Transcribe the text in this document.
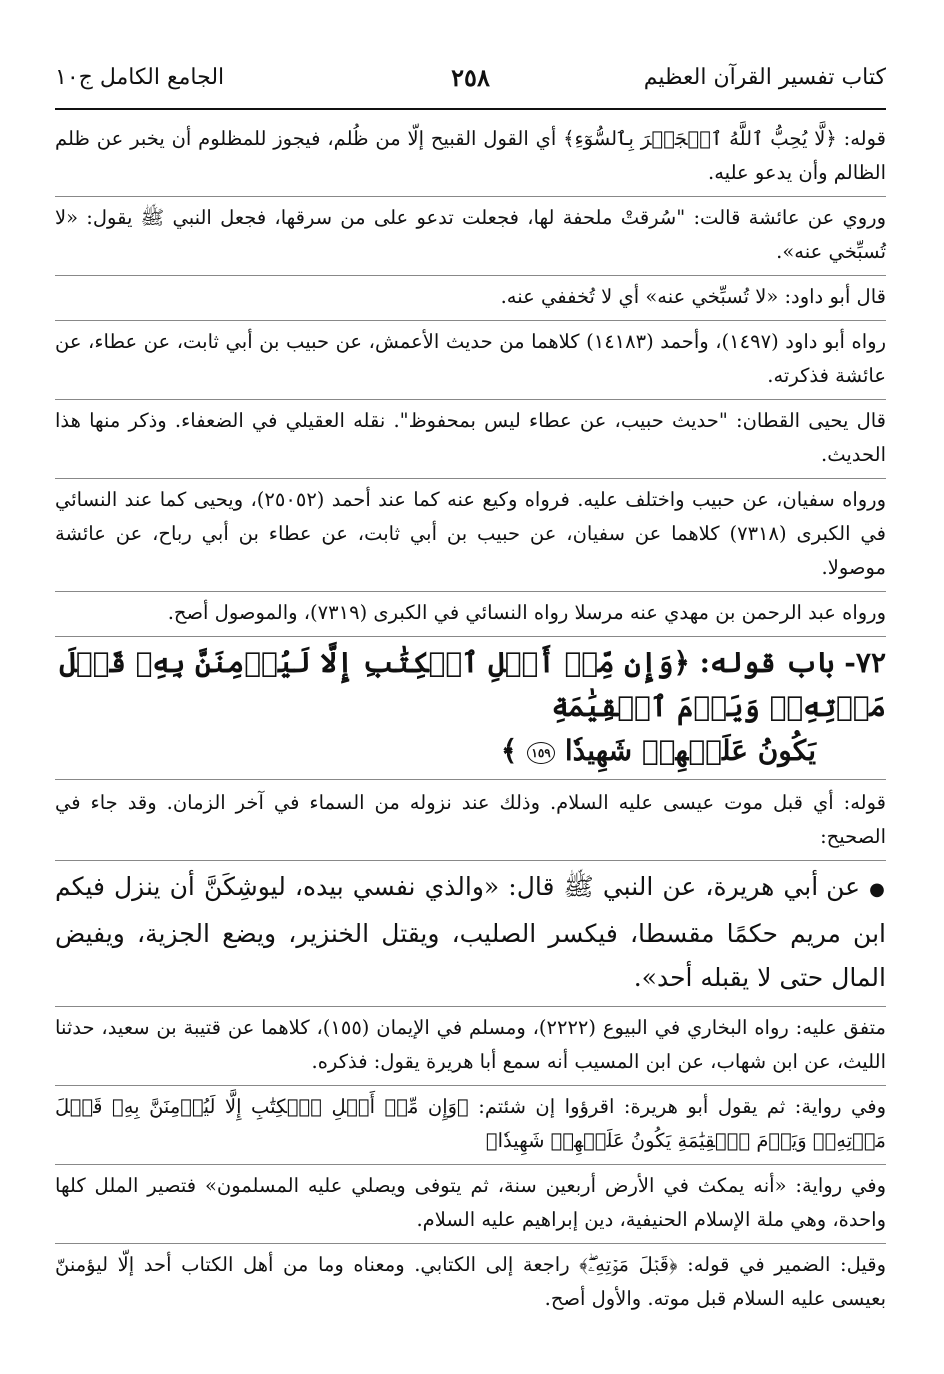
كتاب تفسير القرآن العظيم
٢٥٨
الجامع الكامل ج١٠

قوله: ﴿لَّا يُحِبُّ ٱللَّهُ ٱلۡجَهۡرَ بِٱلسُّوٓءِ﴾ أي القول القبيح إلّا من ظُلم، فيجوز للمظلوم أن يخبر عن ظلم الظالم وأن يدعو عليه.

وروي عن عائشة قالت: "سُرقتْ ملحفة لها، فجعلت تدعو على من سرقها، فجعل النبي ﷺ يقول: «لا تُسبِّخي عنه».

قال أبو داود: «لا تُسبِّخي عنه» أي لا تُخففي عنه.

رواه أبو داود (١٤٩٧)، وأحمد (١٤١٨٣) كلاهما من حديث الأعمش، عن حبيب بن أبي ثابت، عن عطاء، عن عائشة فذكرته.

قال يحيى القطان: "حديث حبيب، عن عطاء ليس بمحفوظ". نقله العقيلي في الضعفاء. وذكر منها هذا الحديث.

ورواه سفيان، عن حبيب واختلف عليه. فرواه وكيع عنه كما عند أحمد (٢٥٠٥٢)، ويحيى كما عند النسائي في الكبرى (٧٣١٨) كلاهما عن سفيان، عن حبيب بن أبي ثابت، عن عطاء بن أبي رباح، عن عائشة موصولا.

ورواه عبد الرحمن بن مهدي عنه مرسلا رواه النسائي في الكبرى (٧٣١٩)، والموصول أصح.

٧٢- باب قوله: ﴿وَإِن مِّنۡ أَهۡلِ ٱلۡكِتَٰبِ إِلَّا لَيُؤۡمِنَنَّ بِهِۦ قَبۡلَ مَوۡتِهِۦۖ وَيَوۡمَ ٱلۡقِيَٰمَةِ
يَكُونُ عَلَيۡهِمۡ شَهِيدٗا ١٥٩ ﴾

قوله: أي قبل موت عيسى عليه السلام. وذلك عند نزوله من السماء في آخر الزمان. وقد جاء في الصحيح:

● عن أبي هريرة، عن النبي ﷺ قال: «والذي نفسي بيده، ليوشِكَنَّ أن ينزل فيكم ابن مريم حكمًا مقسطا، فيكسر الصليب، ويقتل الخنزير، ويضع الجزية، ويفيض المال حتى لا يقبله أحد».

متفق عليه: رواه البخاري في البيوع (٢٢٢٢)، ومسلم في الإيمان (١٥٥)، كلاهما عن قتيبة بن سعيد، حدثنا الليث، عن ابن شهاب، عن ابن المسيب أنه سمع أبا هريرة يقول: فذكره.

وفي رواية: ثم يقول أبو هريرة: اقرؤوا إن شئتم: ﴿وَإِن مِّنۡ أَهۡلِ ٱلۡكِتَٰبِ إِلَّا لَيُؤۡمِنَنَّ بِهِۦ قَبۡلَ مَوۡتِهِۦۖ وَيَوۡمَ ٱلۡقِيَٰمَةِ يَكُونُ عَلَيۡهِمۡ شَهِيدٗا﴾

وفي رواية: «أنه يمكث في الأرض أربعين سنة، ثم يتوفى ويصلي عليه المسلمون» فتصير الملل كلها واحدة، وهي ملة الإسلام الحنيفية، دين إبراهيم عليه السلام.

وقيل: الضمير في قوله: ﴿قَبۡلَ مَوۡتِهِۦۖ﴾ راجعة إلى الكتابي. ومعناه وما من أهل الكتاب أحد إلّا ليؤمننّ بعيسى عليه السلام قبل موته. والأول أصح.
